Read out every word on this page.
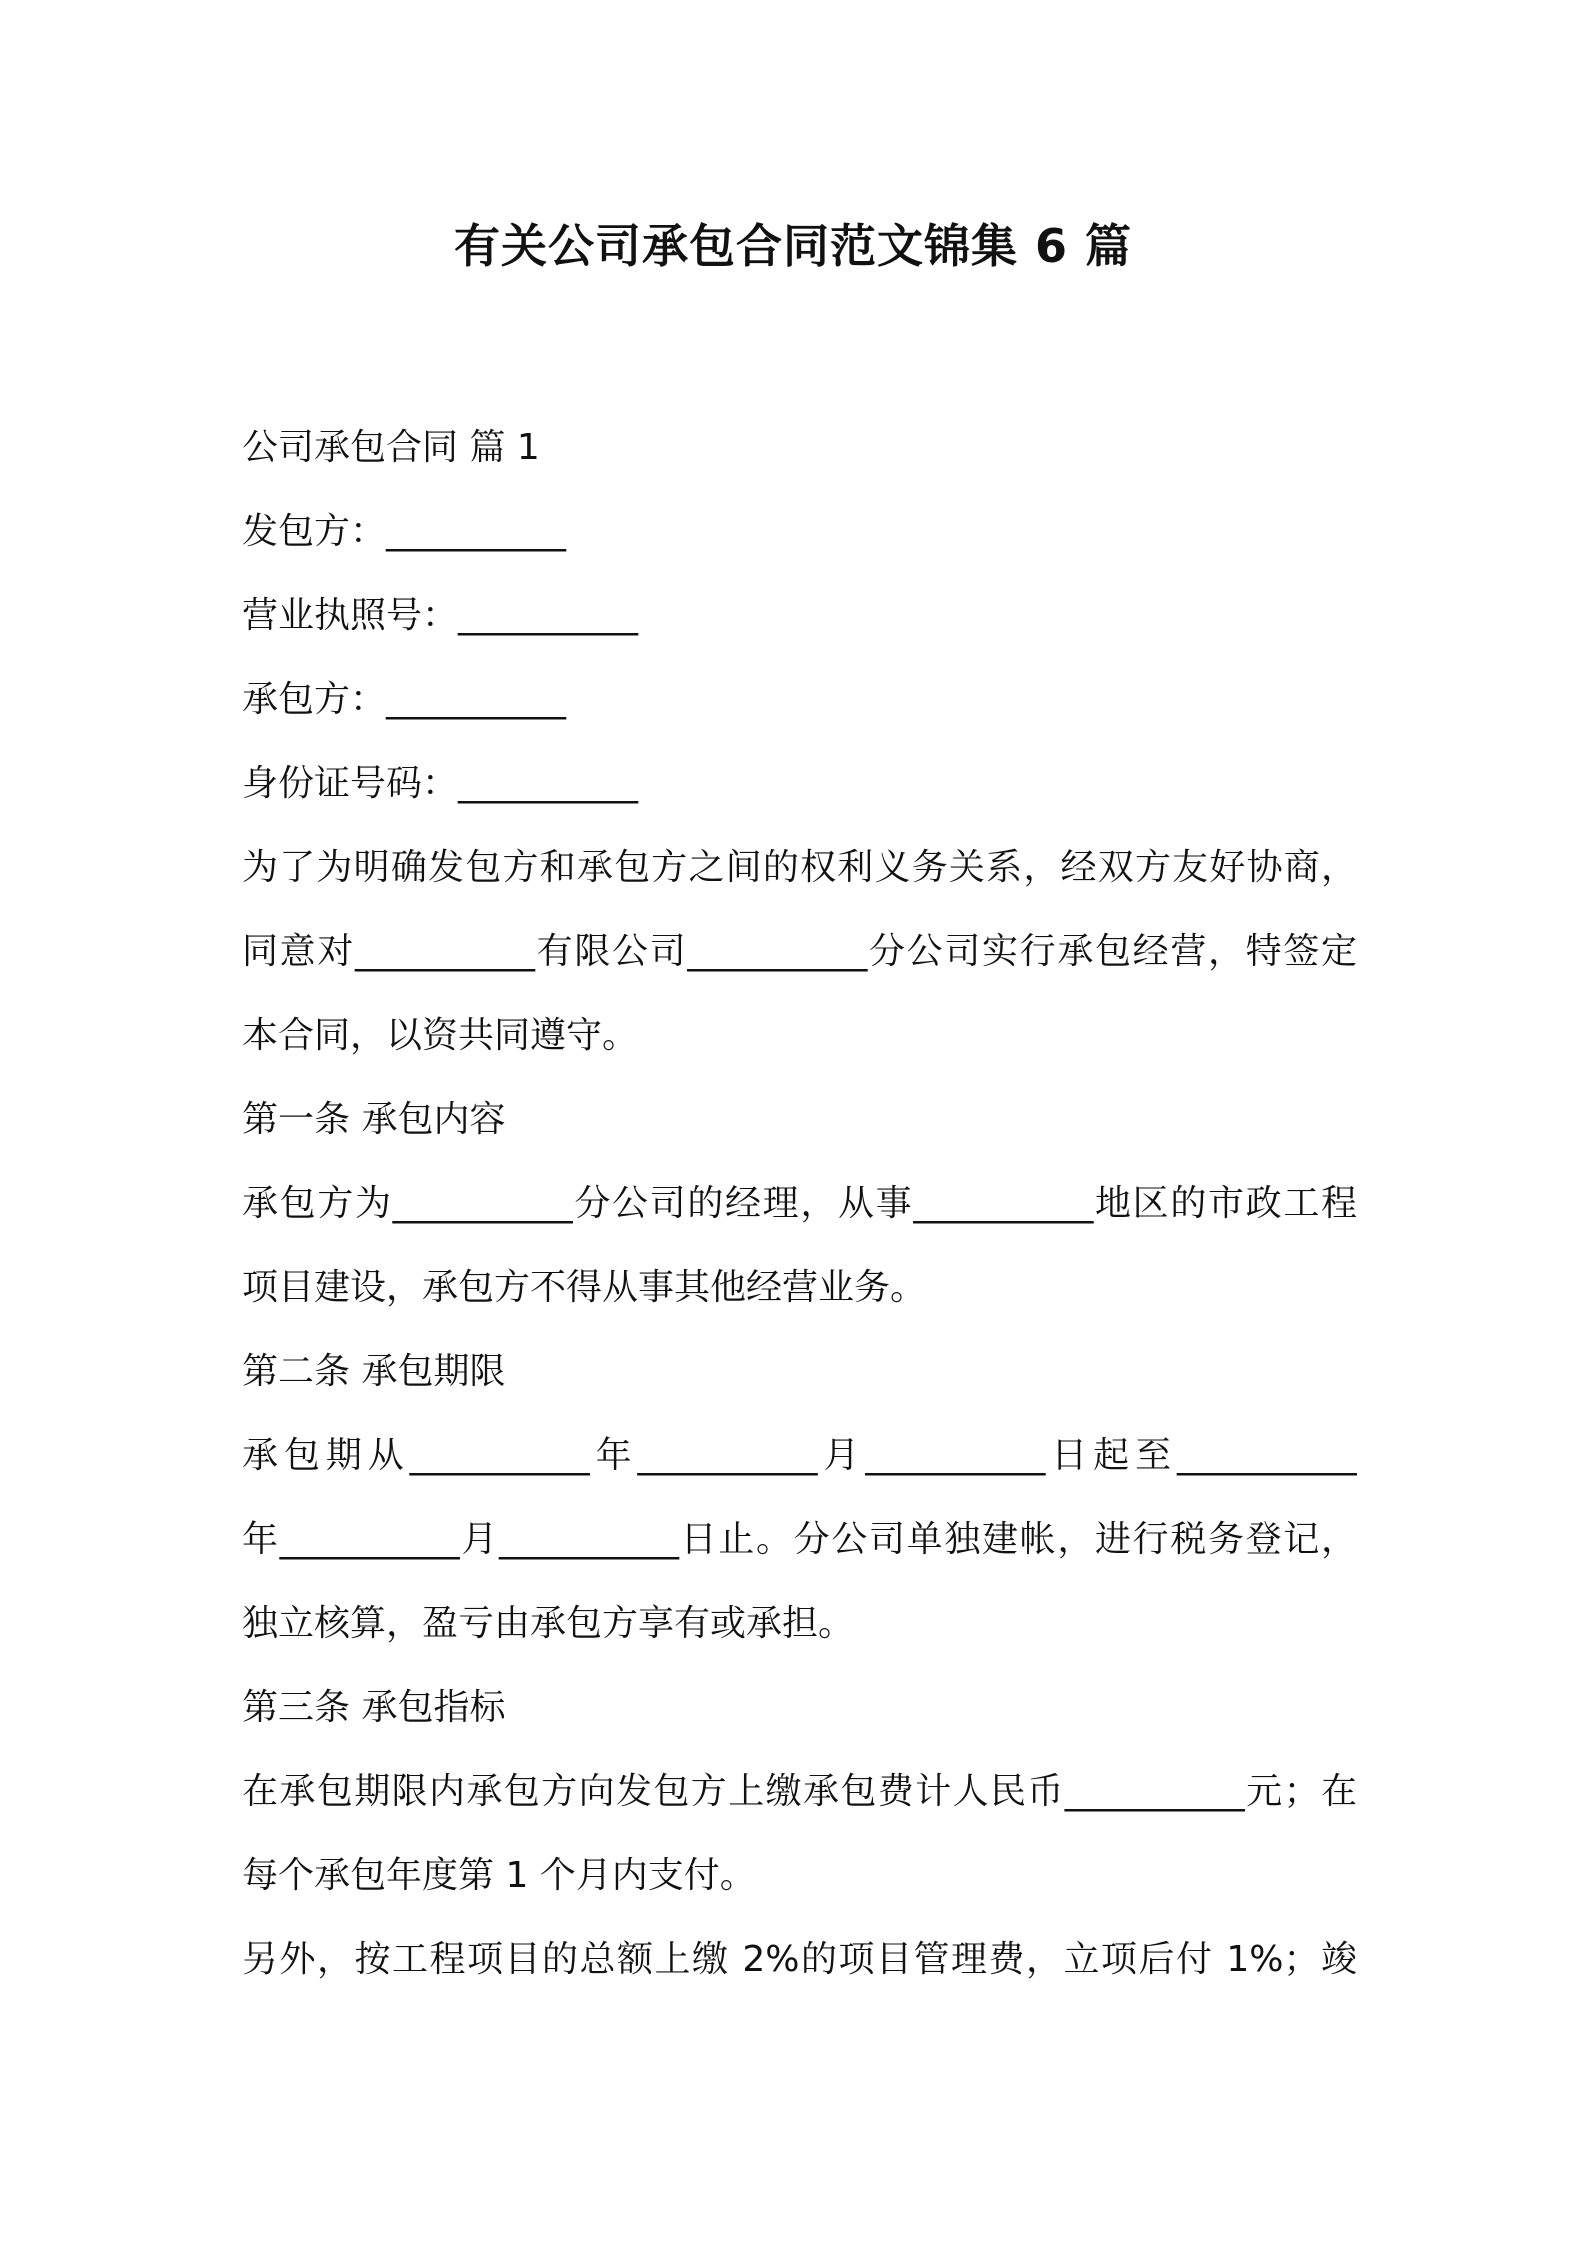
有关公司承包合同范文锦集 6 篇

公司承包合同 篇 1

发包方：__________

营业执照号：__________

承包方：__________

身份证号码：__________

为了为明确发包方和承包方之间的权利义务关系，经双方友好协商，

同意对__________有限公司__________分公司实行承包经营，特签定

本合同，以资共同遵守。

第一条 承包内容

承包方为__________分公司的经理，从事__________地区的市政工程

项目建设，承包方不得从事其他经营业务。

第二条 承包期限

承包期从__________年__________月__________日起至__________

年__________月__________日止。分公司单独建帐，进行税务登记，

独立核算，盈亏由承包方享有或承担。

第三条 承包指标

在承包期限内承包方向发包方上缴承包费计人民币__________元；在

每个承包年度第 1 个月内支付。

另外，按工程项目的总额上缴 2%的项目管理费，立项后付 1%；竣
